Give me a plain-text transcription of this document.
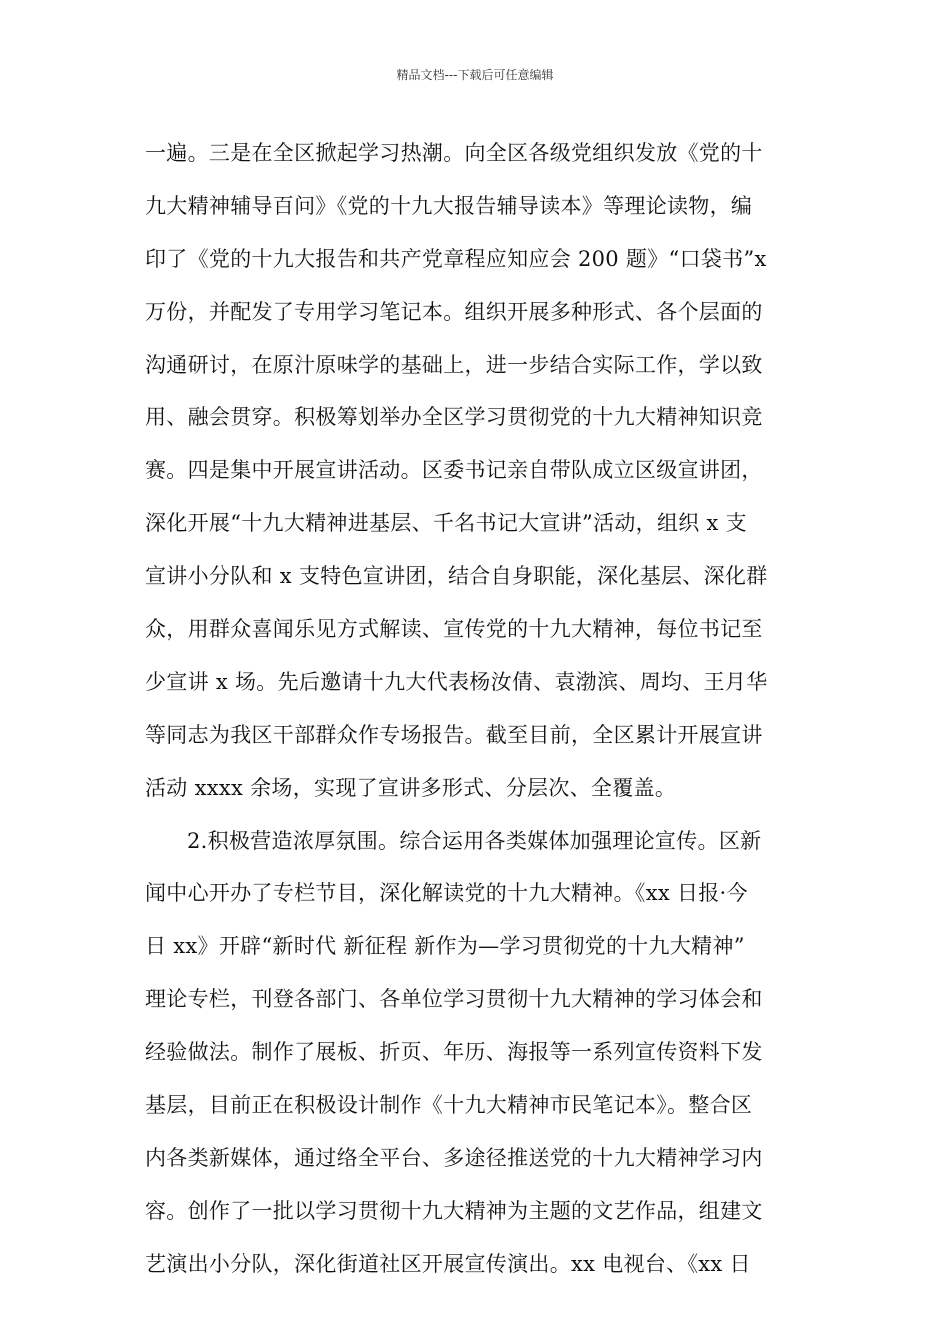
精品文档---下载后可任意编辑
一遍。三是在全区掀起学习热潮。向全区各级党组织发放《党的十
九大精神辅导百问》《党的十九大报告辅导读本》等理论读物，编
印了《党的十九大报告和共产党章程应知应会 200 题》“口袋书”x
万份，并配发了专用学习笔记本。组织开展多种形式、各个层面的
沟通研讨，在原汁原味学的基础上，进一步结合实际工作，学以致
用、融会贯穿。积极筹划举办全区学习贯彻党的十九大精神知识竞
赛。四是集中开展宣讲活动。区委书记亲自带队成立区级宣讲团，
深化开展“十九大精神进基层、千名书记大宣讲”活动，组织 x 支
宣讲小分队和 x 支特色宣讲团，结合自身职能，深化基层、深化群
众，用群众喜闻乐见方式解读、宣传党的十九大精神，每位书记至
少宣讲 x 场。先后邀请十九大代表杨汝倩、袁渤滨、周均、王月华
等同志为我区干部群众作专场报告。截至目前，全区累计开展宣讲
活动 xxxx 余场，实现了宣讲多形式、分层次、全覆盖。
2.积极营造浓厚氛围。综合运用各类媒体加强理论宣传。区新
闻中心开办了专栏节目，深化解读党的十九大精神。《xx 日报·今
日 xx》开辟“新时代 新征程 新作为—学习贯彻党的十九大精神”
理论专栏，刊登各部门、各单位学习贯彻十九大精神的学习体会和
经验做法。制作了展板、折页、年历、海报等一系列宣传资料下发
基层，目前正在积极设计制作《十九大精神市民笔记本》。整合区
内各类新媒体，通过络全平台、多途径推送党的十九大精神学习内
容。创作了一批以学习贯彻十九大精神为主题的文艺作品，组建文
艺演出小分队，深化街道社区开展宣传演出。xx 电视台、《xx 日
